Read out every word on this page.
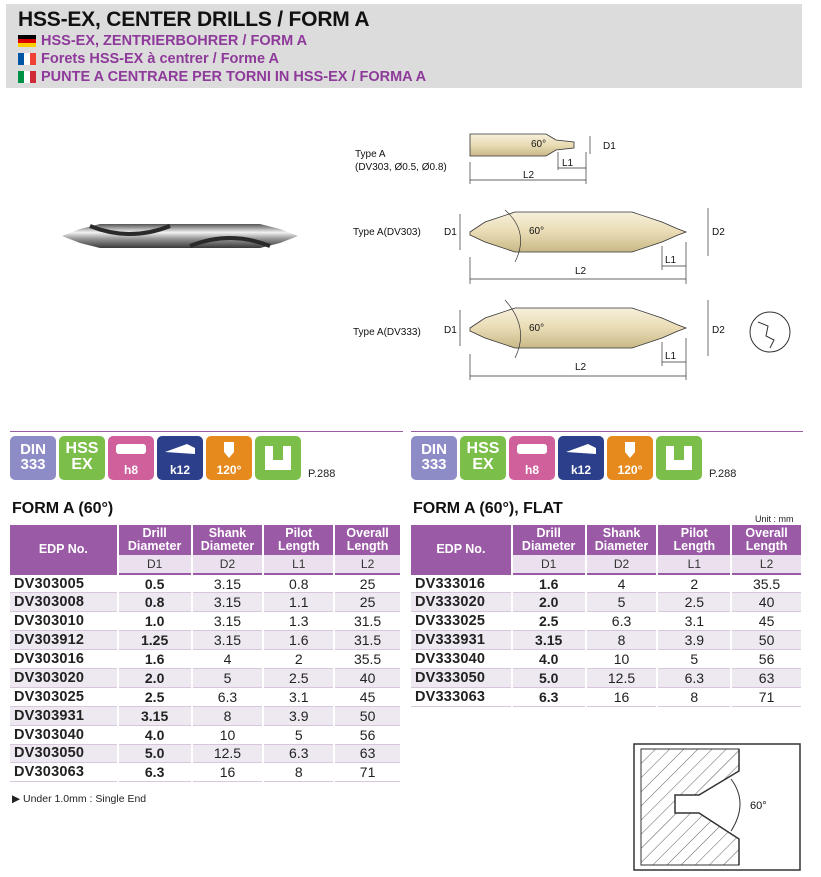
HSS-EX, CENTER DRILLS / FORM A
HSS-EX, ZENTRIERBOHRER / FORM A
Forets HSS-EX à centrer / Forme A
PUNTE A CENTRARE PER TORNI IN HSS-EX / FORMA A
Type A
(DV303, Ø0.5, Ø0.8)
Type A(DV303)
Type A(DV333)
60°
60°
60°
D1
L1
L2
D1	D2
L1
L2
D1	D2
L1
L2
DIN
333
HSS
EX	h8	k12	120°	P.288
DIN
333
HSS
EX	h8	k12	120°	P.288
FORM A (60°)	FORM A (60°), FLAT
Unit : mm
EDP No.	Drill Diameter	Shank Diameter	Pilot Length	Overall Length
	D1	D2	L1	L2
DV303005	0.5	3.15	0.8	25
DV303008	0.8	3.15	1.1	25
DV303010	1.0	3.15	1.3	31.5
DV303912	1.25	3.15	1.6	31.5
DV303016	1.6	4	2	35.5
DV303020	2.0	5	2.5	40
DV303025	2.5	6.3	3.1	45
DV303931	3.15	8	3.9	50
DV303040	4.0	10	5	56
DV303050	5.0	12.5	6.3	63
DV303063	6.3	16	8	71
EDP No.	Drill Diameter	Shank Diameter	Pilot Length	Overall Length
	D1	D2	L1	L2
DV333016	1.6	4	2	35.5
DV333020	2.0	5	2.5	40
DV333025	2.5	6.3	3.1	45
DV333931	3.15	8	3.9	50
DV333040	4.0	10	5	56
DV333050	5.0	12.5	6.3	63
DV333063	6.3	16	8	71
▶ Under 1.0mm : Single End
60°
